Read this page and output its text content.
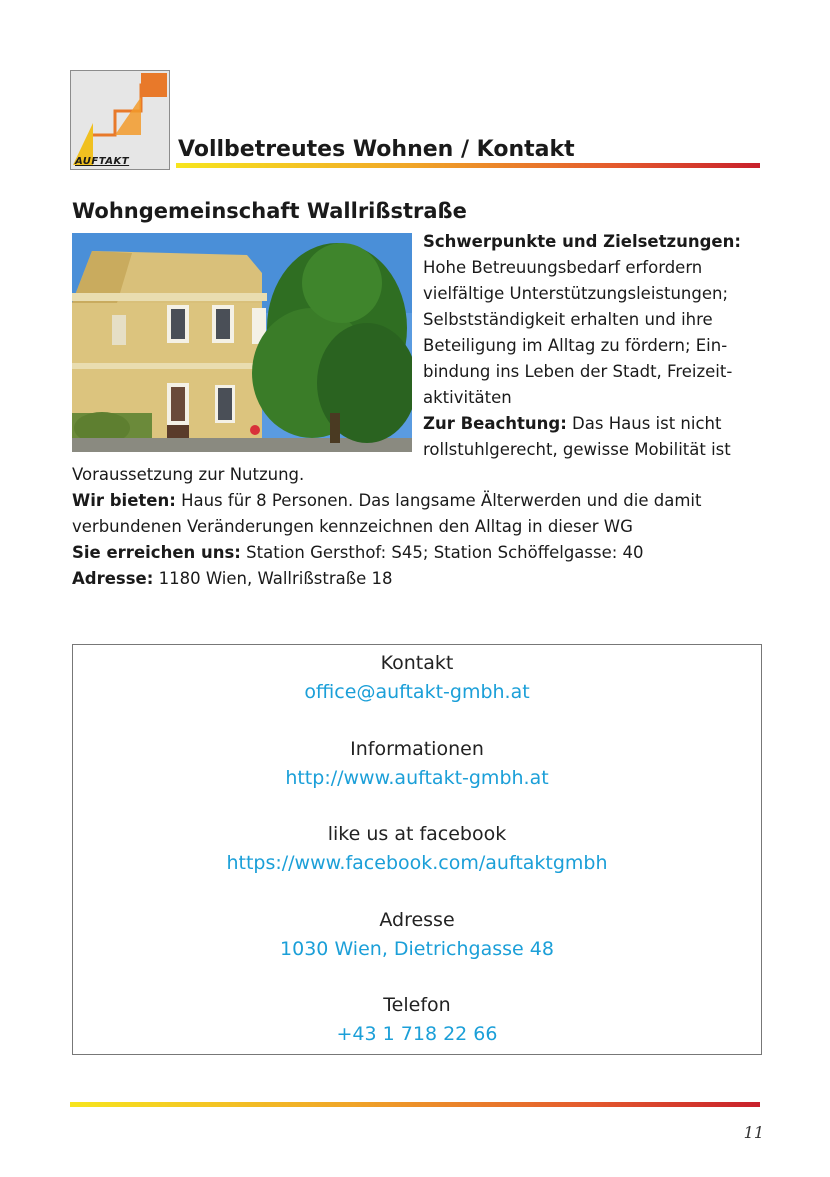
AUFTAKT Vollbetreutes Wohnen / Kontakt
Wohngemeinschaft Wallrißstraße
Schwerpunkte und Zielsetzungen:
Hohe Betreuungsbedarf erfordern
vielfältige Unterstützungsleistungen;
Selbstständigkeit erhalten und ihre
Beteiligung im Alltag zu fördern; Ein-
bindung ins Leben der Stadt, Freizeit-
aktivitäten
Zur Beachtung: Das Haus ist nicht
rollstuhlgerecht, gewisse Mobilität ist
Voraussetzung zur Nutzung.
Wir bieten: Haus für 8 Personen. Das langsame Älterwerden und die damit
verbundenen Veränderungen kennzeichnen den Alltag in dieser WG
Sie erreichen uns: Station Gersthof: S45; Station Schöffelgasse: 40
Adresse: 1180 Wien, Wallrißstraße 18
Kontakt
office@auftakt-gmbh.at
Informationen
http://www.auftakt-gmbh.at
like us at facebook
https://www.facebook.com/auftaktgmbh
Adresse
1030 Wien, Dietrichgasse 48
Telefon
+43 1 718 22 66
11
